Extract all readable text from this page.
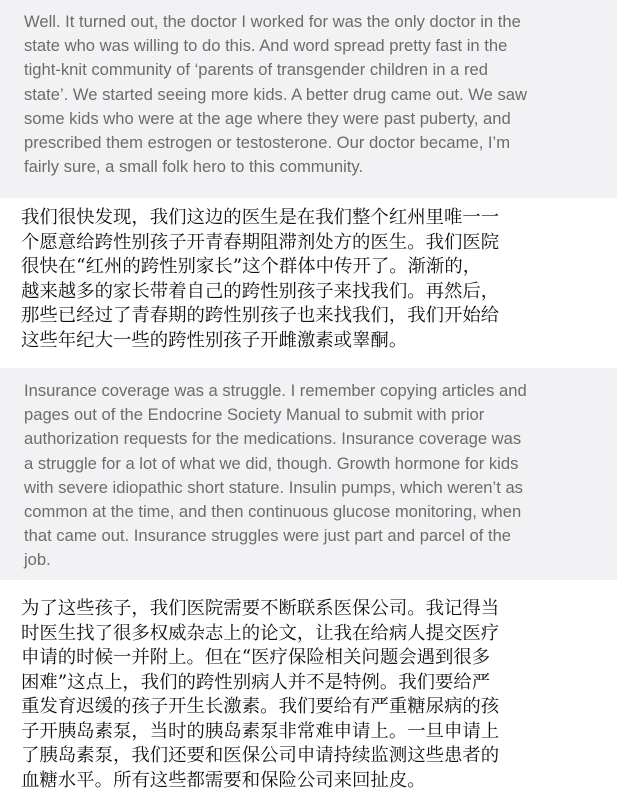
Well. It turned out, the doctor I worked for was the only doctor in the
state who was willing to do this. And word spread pretty fast in the
tight-knit community of ‘parents of transgender children in a red
state’. We started seeing more kids. A better drug came out. We saw
some kids who were at the age where they were past puberty, and
prescribed them estrogen or testosterone. Our doctor became, I’m
fairly sure, a small folk hero to this community.

我们很快发现，我们这边的医生是在我们整个红州里唯一一
个愿意给跨性别孩子开青春期阻滞剂处方的医生。我们医院
很快在“红州的跨性别家长”这个群体中传开了。渐渐的，
越来越多的家长带着自己的跨性别孩子来找我们。再然后，
那些已经过了青春期的跨性别孩子也来找我们，我们开始给
这些年纪大一些的跨性别孩子开雌激素或睾酮。

Insurance coverage was a struggle. I remember copying articles and
pages out of the Endocrine Society Manual to submit with prior
authorization requests for the medications. Insurance coverage was
a struggle for a lot of what we did, though. Growth hormone for kids
with severe idiopathic short stature. Insulin pumps, which weren’t as
common at the time, and then continuous glucose monitoring, when
that came out. Insurance struggles were just part and parcel of the
job.

为了这些孩子，我们医院需要不断联系医保公司。我记得当
时医生找了很多权威杂志上的论文，让我在给病人提交医疗
申请的时候一并附上。但在“医疗保险相关问题会遇到很多
困难”这点上，我们的跨性别病人并不是特例。我们要给严
重发育迟缓的孩子开生长激素。我们要给有严重糖尿病的孩
子开胰岛素泵，当时的胰岛素泵非常难申请上。一旦申请上
了胰岛素泵，我们还要和医保公司申请持续监测这些患者的
血糖水平。所有这些都需要和保险公司来回扯皮。
